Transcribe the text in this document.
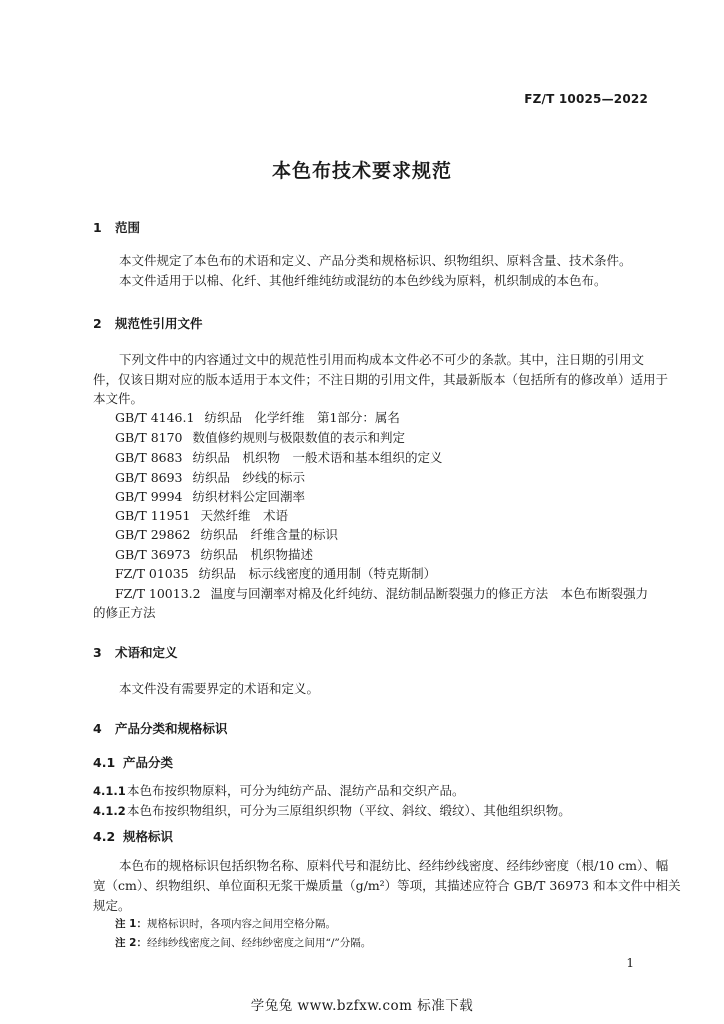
FZ/T 10025—2022
本色布技术要求规范
1 范围
本文件规定了本色布的术语和定义、产品分类和规格标识、织物组织、原料含量、技术条件。
本文件适用于以棉、化纤、其他纤维纯纺或混纺的本色纱线为原料，机织制成的本色布。
2 规范性引用文件
下列文件中的内容通过文中的规范性引用而构成本文件必不可少的条款。其中，注日期的引用文
件，仅该日期对应的版本适用于本文件；不注日期的引用文件，其最新版本（包括所有的修改单）适用于
本文件。
GB/T 4146.1 纺织品　化学纤维　第1部分：属名
GB/T 8170 数值修约规则与极限数值的表示和判定
GB/T 8683 纺织品　机织物　一般术语和基本组织的定义
GB/T 8693 纺织品　纱线的标示
GB/T 9994 纺织材料公定回潮率
GB/T 11951 天然纤维　术语
GB/T 29862 纺织品　纤维含量的标识
GB/T 36973 纺织品　机织物描述
FZ/T 01035 纺织品　标示线密度的通用制（特克斯制）
FZ/T 10013.2 温度与回潮率对棉及化纤纯纺、混纺制品断裂强力的修正方法　本色布断裂强力
的修正方法
3 术语和定义
本文件没有需要界定的术语和定义。
4 产品分类和规格标识
4.1 产品分类
4.1.1本色布按织物原料，可分为纯纺产品、混纺产品和交织产品。
4.1.2本色布按织物组织，可分为三原组织织物（平纹、斜纹、缎纹）、其他组织织物。
4.2 规格标识
本色布的规格标识包括织物名称、原料代号和混纺比、经纬纱线密度、经纬纱密度（根/10 cm）、幅
宽（cm）、织物组织、单位面积无浆干燥质量（g/m²）等项，其描述应符合 GB/T 36973 和本文件中相关
规定。
注 1：规格标识时，各项内容之间用空格分隔。
注 2：经纬纱线密度之间、经纬纱密度之间用“/”分隔。
1
学兔兔 www.bzfxw.com 标准下载
